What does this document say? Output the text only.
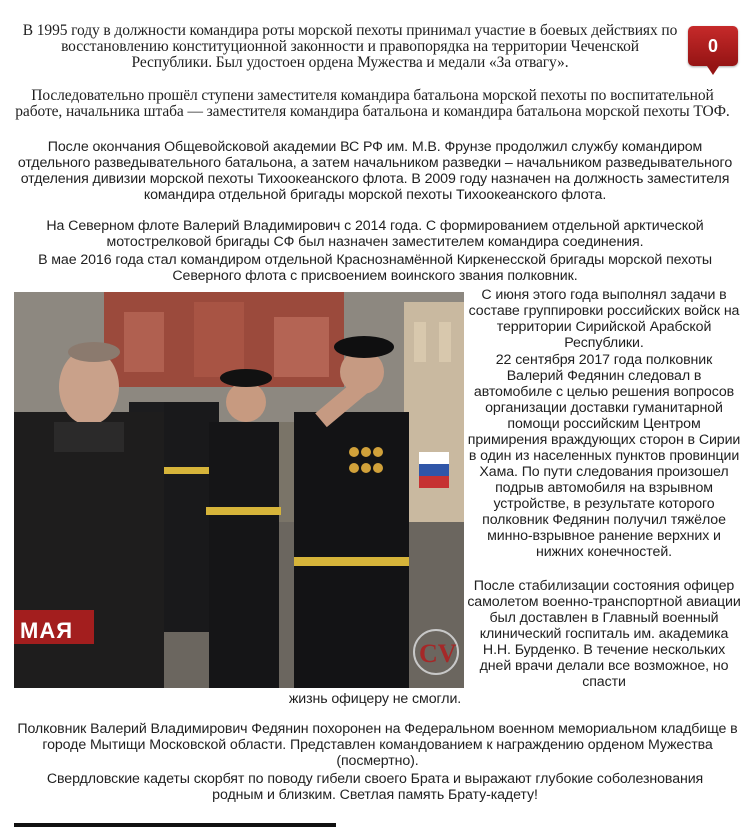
0

В 1995 году в должности командира роты морской пехоты принимал участие в боевых действиях по восстановлению конституционной законности и правопорядка на территории Чеченской Республики. Был удостоен ордена Мужества и медали «За отвагу».

Последовательно прошёл ступени заместителя командира батальона морской пехоты по воспитательной работе, начальника штаба — заместителя командира батальона и командира батальона морской пехоты ТОФ.

После окончания Общевойсковой академии ВС РФ им. М.В. Фрунзе продолжил службу командиром отдельного разведывательного батальона, а затем начальником разведки – начальником разведывательного отделения дивизии морской пехоты Тихоокеанского флота. В 2009 году назначен на должность заместителя командира отдельной бригады морской пехоты Тихоокеанского флота.

На Северном флоте Валерий Владимирович с 2014 года. С формированием отдельной арктической мотострелковой бригады СФ был назначен заместителем командира соединения.

В мае 2016 года стал командиром отдельной Краснознамённой Киркенесской бригады морской пехоты Северного флота с присвоением воинского звания полковник.

МАЯ
CV

С июня этого года выполнял задачи в составе группировки российских войск на территории Сирийской Арабской Республики.

22 сентября 2017 года полковник Валерий Федянин следовал в автомобиле с целью решения вопросов организации доставки гуманитарной помощи российским Центром примирения враждующих сторон в Сирии в один из населенных пунктов провинции Хама. По пути следования произошел подрыв автомобиля на взрывном устройстве, в результате которого полковник Федянин получил тяжёлое минно-взрывное ранение верхних и нижних конечностей.

После стабилизации состояния офицер самолетом военно-транспортной авиации был доставлен в Главный военный клинический госпиталь им. академика Н.Н. Бурденко. В течение нескольких дней врачи делали все возможное, но спасти

жизнь офицеру не смогли.

Полковник Валерий Владимирович Федянин похоронен на Федеральном военном мемориальном кладбище в городе Мытищи Московской области. Представлен командованием к награждению орденом Мужества (посмертно).

Свердловские кадеты скорбят по поводу гибели своего Брата и выражают глубокие соболезнования родным и близким. Светлая память Брату-кадету!
